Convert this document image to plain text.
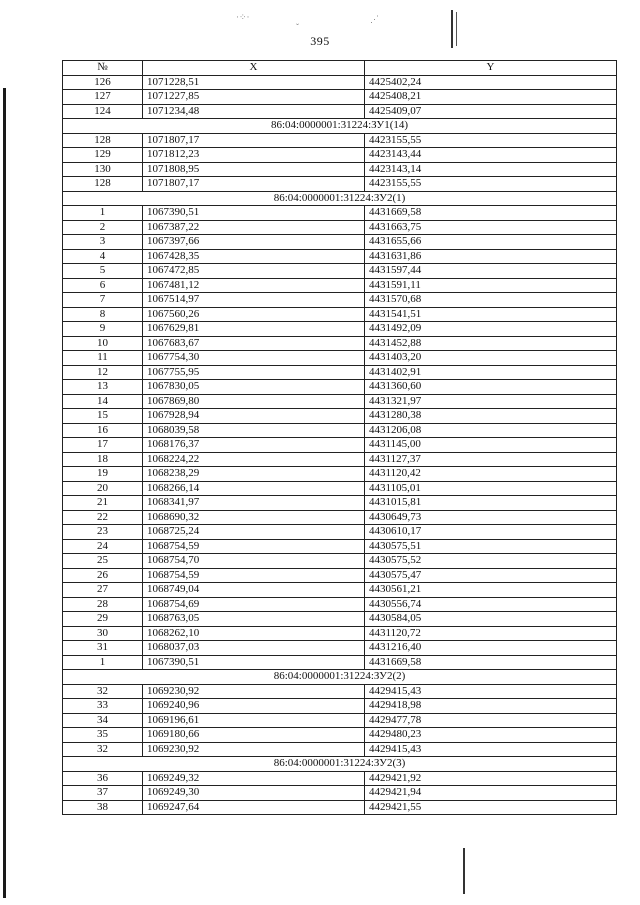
395
·⁘·
ˇ
⋰
№	X	Y
126	1071228,51	4425402,24
127	1071227,85	4425408,21
124	1071234,48	4425409,07
86:04:0000001:31224:ЗУ1(14)		
128	1071807,17	4423155,55
129	1071812,23	4423143,44
130	1071808,95	4423143,14
128	1071807,17	4423155,55
86:04:0000001:31224:ЗУ2(1)		
1	1067390,51	4431669,58
2	1067387,22	4431663,75
3	1067397,66	4431655,66
4	1067428,35	4431631,86
5	1067472,85	4431597,44
6	1067481,12	4431591,11
7	1067514,97	4431570,68
8	1067560,26	4431541,51
9	1067629,81	4431492,09
10	1067683,67	4431452,88
11	1067754,30	4431403,20
12	1067755,95	4431402,91
13	1067830,05	4431360,60
14	1067869,80	4431321,97
15	1067928,94	4431280,38
16	1068039,58	4431206,08
17	1068176,37	4431145,00
18	1068224,22	4431127,37
19	1068238,29	4431120,42
20	1068266,14	4431105,01
21	1068341,97	4431015,81
22	1068690,32	4430649,73
23	1068725,24	4430610,17
24	1068754,59	4430575,51
25	1068754,70	4430575,52
26	1068754,59	4430575,47
27	1068749,04	4430561,21
28	1068754,69	4430556,74
29	1068763,05	4430584,05
30	1068262,10	4431120,72
31	1068037,03	4431216,40
1	1067390,51	4431669,58
86:04:0000001:31224:ЗУ2(2)		
32	1069230,92	4429415,43
33	1069240,96	4429418,98
34	1069196,61	4429477,78
35	1069180,66	4429480,23
32	1069230,92	4429415,43
86:04:0000001:31224:ЗУ2(3)		
36	1069249,32	4429421,92
37	1069249,30	4429421,94
38	1069247,64	4429421,55
